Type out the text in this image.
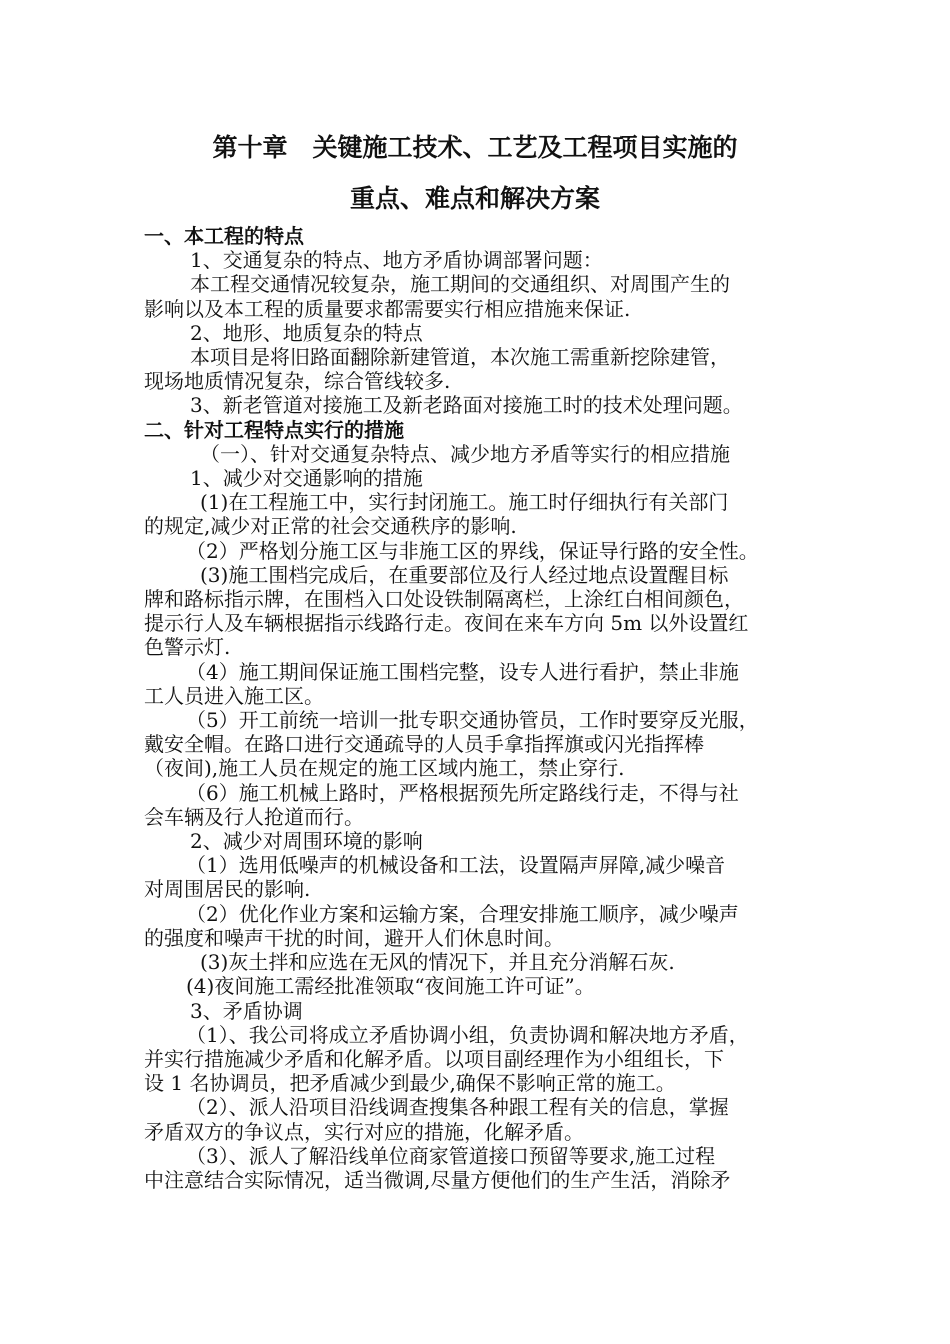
第十章　关键施工技术、工艺及工程项目实施的
重点、难点和解决方案
一、本工程的特点
1、交通复杂的特点、地方矛盾协调部署问题：
本工程交通情况较复杂，施工期间的交通组织、对周围产生的
影响以及本工程的质量要求都需要实行相应措施来保证.
2、地形、地质复杂的特点
本项目是将旧路面翻除新建管道，本次施工需重新挖除建管，
现场地质情况复杂，综合管线较多.
3、新老管道对接施工及新老路面对接施工时的技术处理问题。
二、针对工程特点实行的措施
（一）、针对交通复杂特点、减少地方矛盾等实行的相应措施
1、减少对交通影响的措施
(1)在工程施工中，实行封闭施工。施工时仔细执行有关部门
的规定,减少对正常的社会交通秩序的影响.
（2）严格划分施工区与非施工区的界线，保证导行路的安全性。
(3)施工围档完成后，在重要部位及行人经过地点设置醒目标
牌和路标指示牌，在围档入口处设铁制隔离栏，上涂红白相间颜色，
提示行人及车辆根据指示线路行走。夜间在来车方向 5m 以外设置红
色警示灯.
（4）施工期间保证施工围档完整，设专人进行看护，禁止非施
工人员进入施工区。
（5）开工前统一培训一批专职交通协管员，工作时要穿反光服，
戴安全帽。在路口进行交通疏导的人员手拿指挥旗或闪光指挥棒
（夜间),施工人员在规定的施工区域内施工，禁止穿行.
（6）施工机械上路时，严格根据预先所定路线行走，不得与社
会车辆及行人抢道而行。
2、减少对周围环境的影响
（1）选用低噪声的机械设备和工法，设置隔声屏障,减少噪音
对周围居民的影响.
（2）优化作业方案和运输方案，合理安排施工顺序，减少噪声
的强度和噪声干扰的时间，避开人们休息时间。
(3)灰土拌和应选在无风的情况下，并且充分消解石灰.
(4)夜间施工需经批准领取“夜间施工许可证”。
3、矛盾协调
（1）、我公司将成立矛盾协调小组，负责协调和解决地方矛盾，
并实行措施减少矛盾和化解矛盾。以项目副经理作为小组组长，下
设 1 名协调员，把矛盾减少到最少,确保不影响正常的施工。
（2）、派人沿项目沿线调查搜集各种跟工程有关的信息，掌握
矛盾双方的争议点，实行对应的措施，化解矛盾。
（3）、派人了解沿线单位商家管道接口预留等要求,施工过程
中注意结合实际情况，适当微调,尽量方便他们的生产生活，消除矛
